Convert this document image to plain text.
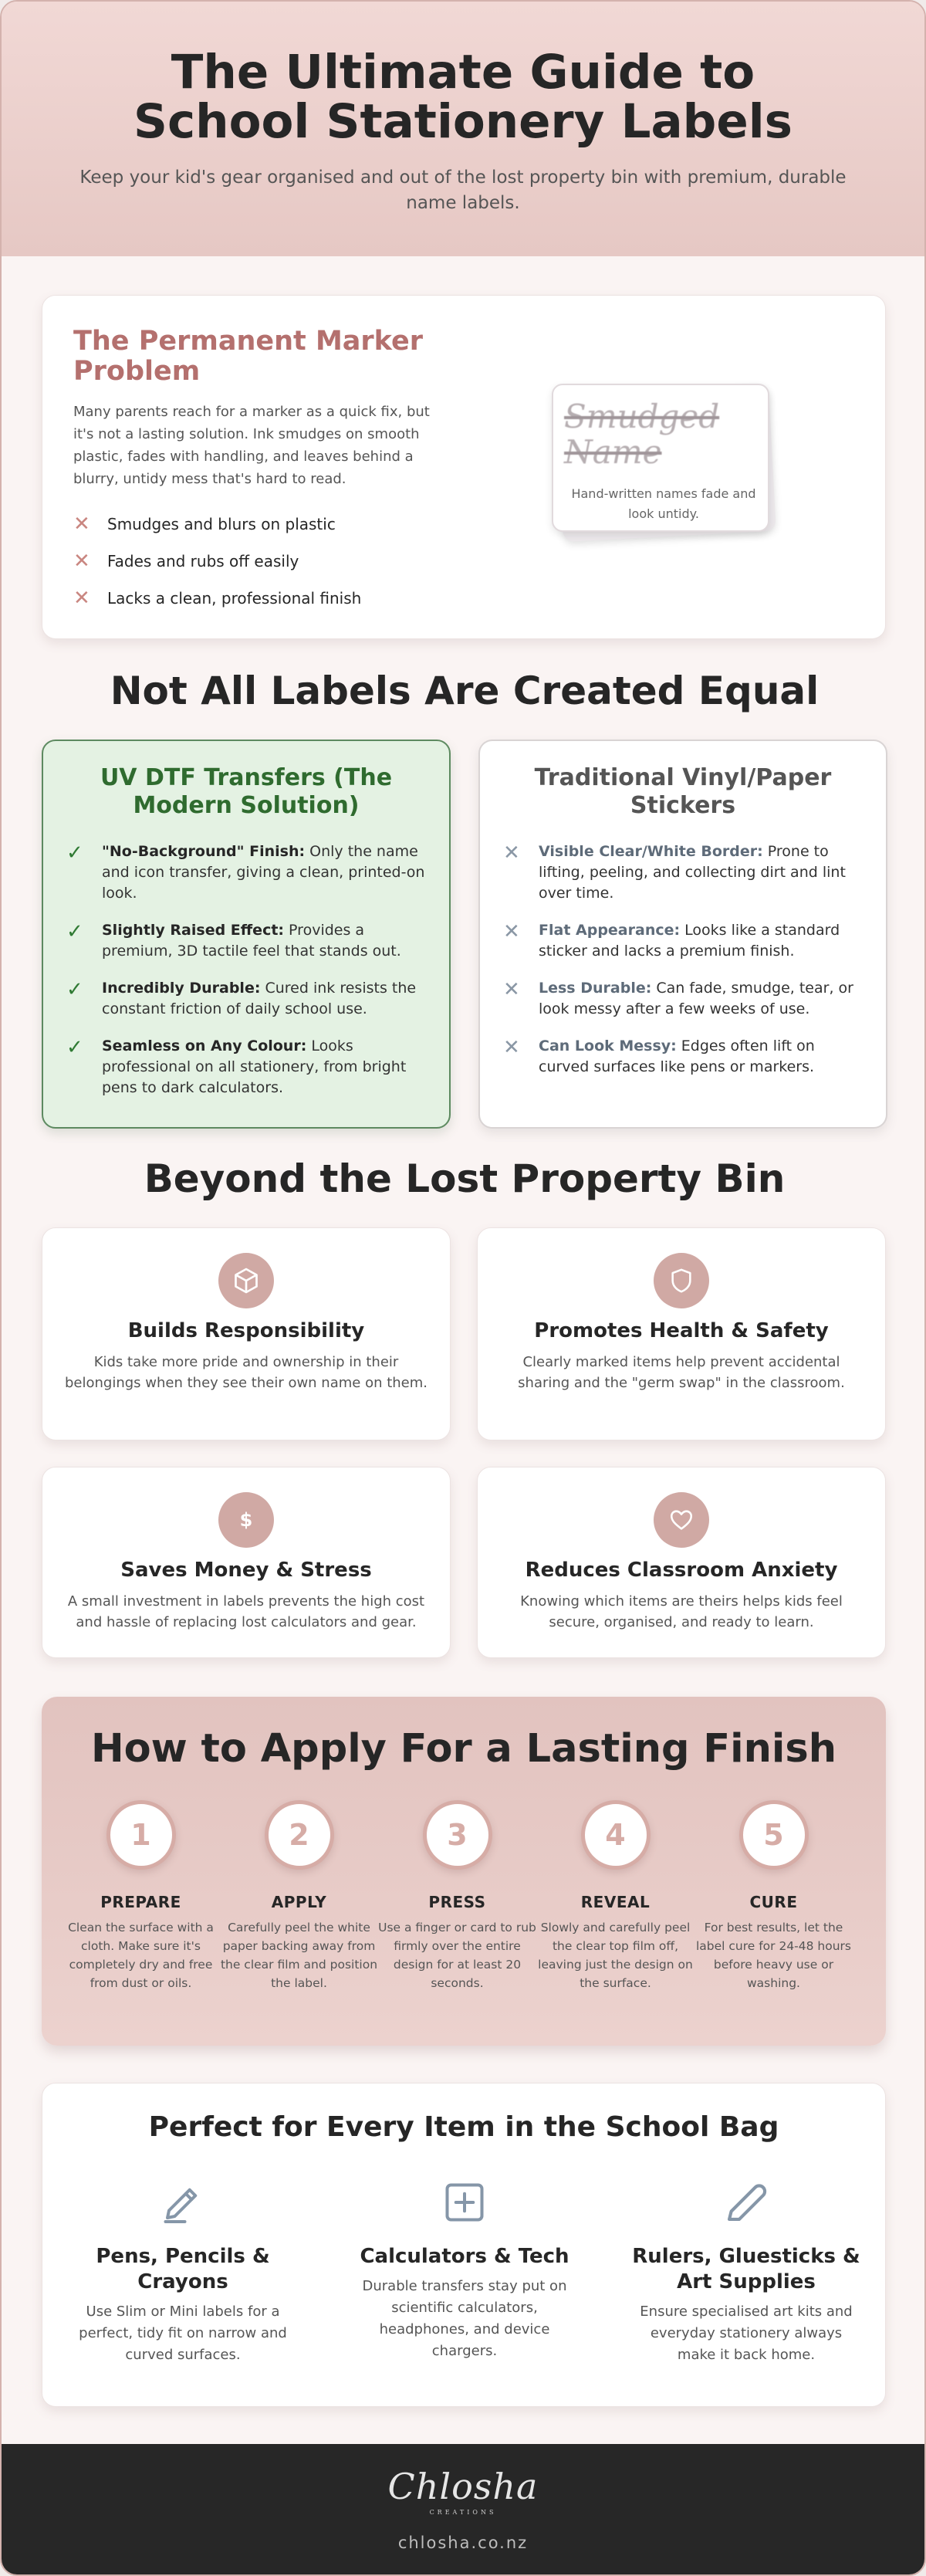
The Ultimate Guide to School Stationery Labels

Keep your kid's gear organised and out of the lost property bin with premium, durable name labels.

The Permanent Marker Problem

Many parents reach for a marker as a quick fix, but it's not a lasting solution. Ink smudges on smooth plastic, fades with handling, and leaves behind a blurry, untidy mess that's hard to read.

✕	Smudges and blurs on plastic
✕	Fades and rubs off easily
✕	Lacks a clean, professional finish
Smudged Name
Hand-written names fade and look untidy.
Not All Labels Are Created Equal
UV DTF Transfers (The Modern Solution)
✓	"No-Background" Finish: Only the name and icon transfer, giving a clean, printed-on look.
✓	Slightly Raised Effect: Provides a premium, 3D tactile feel that stands out.
✓	Incredibly Durable: Cured ink resists the constant friction of daily school use.
✓	Seamless on Any Colour: Looks professional on all stationery, from bright pens to dark calculators.
Traditional Vinyl/Paper Stickers
✕	Visible Clear/White Border: Prone to lifting, peeling, and collecting dirt and lint over time.
✕	Flat Appearance: Looks like a standard sticker and lacks a premium finish.
✕	Less Durable: Can fade, smudge, tear, or look messy after a few weeks of use.
✕	Can Look Messy: Edges often lift on curved surfaces like pens or markers.
Beyond the Lost Property Bin
Builds Responsibility

Kids take more pride and ownership in their belongings when they see their own name on them.

Promotes Health & Safety

Clearly marked items help prevent accidental sharing and the "germ swap" in the classroom.

$
Saves Money & Stress

A small investment in labels prevents the high cost and hassle of replacing lost calculators and gear.

Reduces Classroom Anxiety

Knowing which items are theirs helps kids feel secure, organised, and ready to learn.

How to Apply For a Lasting Finish
1
PREPARE

Clean the surface with a cloth. Make sure it's completely dry and free from dust or oils.

2
APPLY

Carefully peel the white paper backing away from the clear film and position the label.

3
PRESS

Use a finger or card to rub firmly over the entire design for at least 20 seconds.

4
REVEAL

Slowly and carefully peel the clear top film off, leaving just the design on the surface.

5
CURE

For best results, let the label cure for 24-48 hours before heavy use or washing.

Perfect for Every Item in the School Bag
Pens, Pencils & Crayons

Use Slim or Mini labels for a perfect, tidy fit on narrow and curved surfaces.

Calculators & Tech

Durable transfers stay put on scientific calculators, headphones, and device chargers.

Rulers, Gluesticks & Art Supplies

Ensure specialised art kits and everyday stationery always make it back home.

Chlosha
CREATIONS
chlosha.co.nz
